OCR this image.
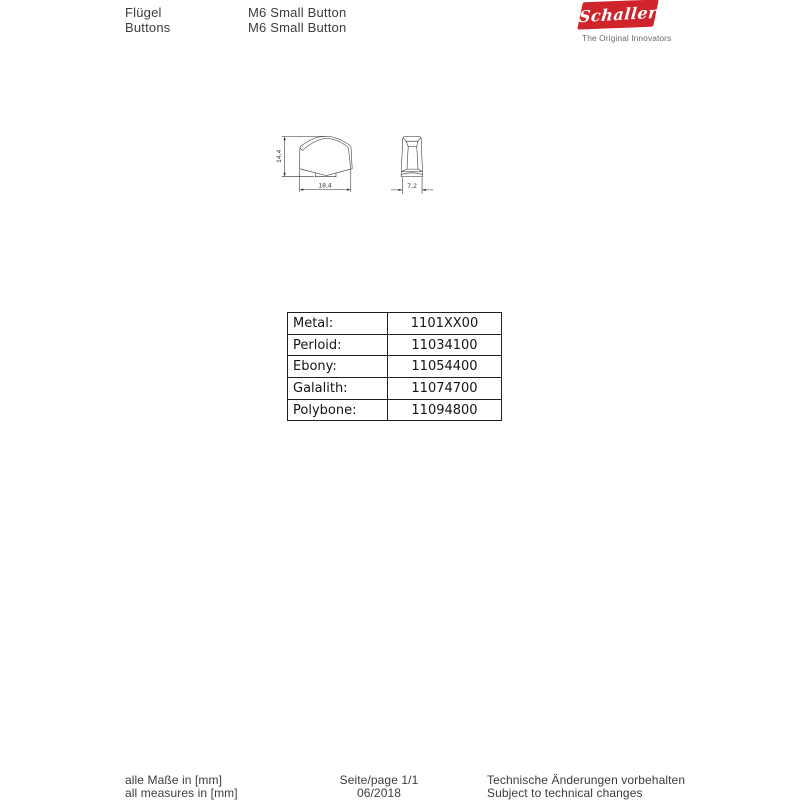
Flügel
Buttons
M6 Small Button
M6 Small Button
Schaller
The Original Innovators
14,4
18,4	7,2
Metal:	1101XX00
Perloid:	11034100
Ebony:	11054400
Galalith:	11074700
Polybone:	11094800
alle Maße in [mm]
all measures in [mm]
Seite/page 1/1
06/2018
Technische Änderungen vorbehalten
Subject to technical changes
